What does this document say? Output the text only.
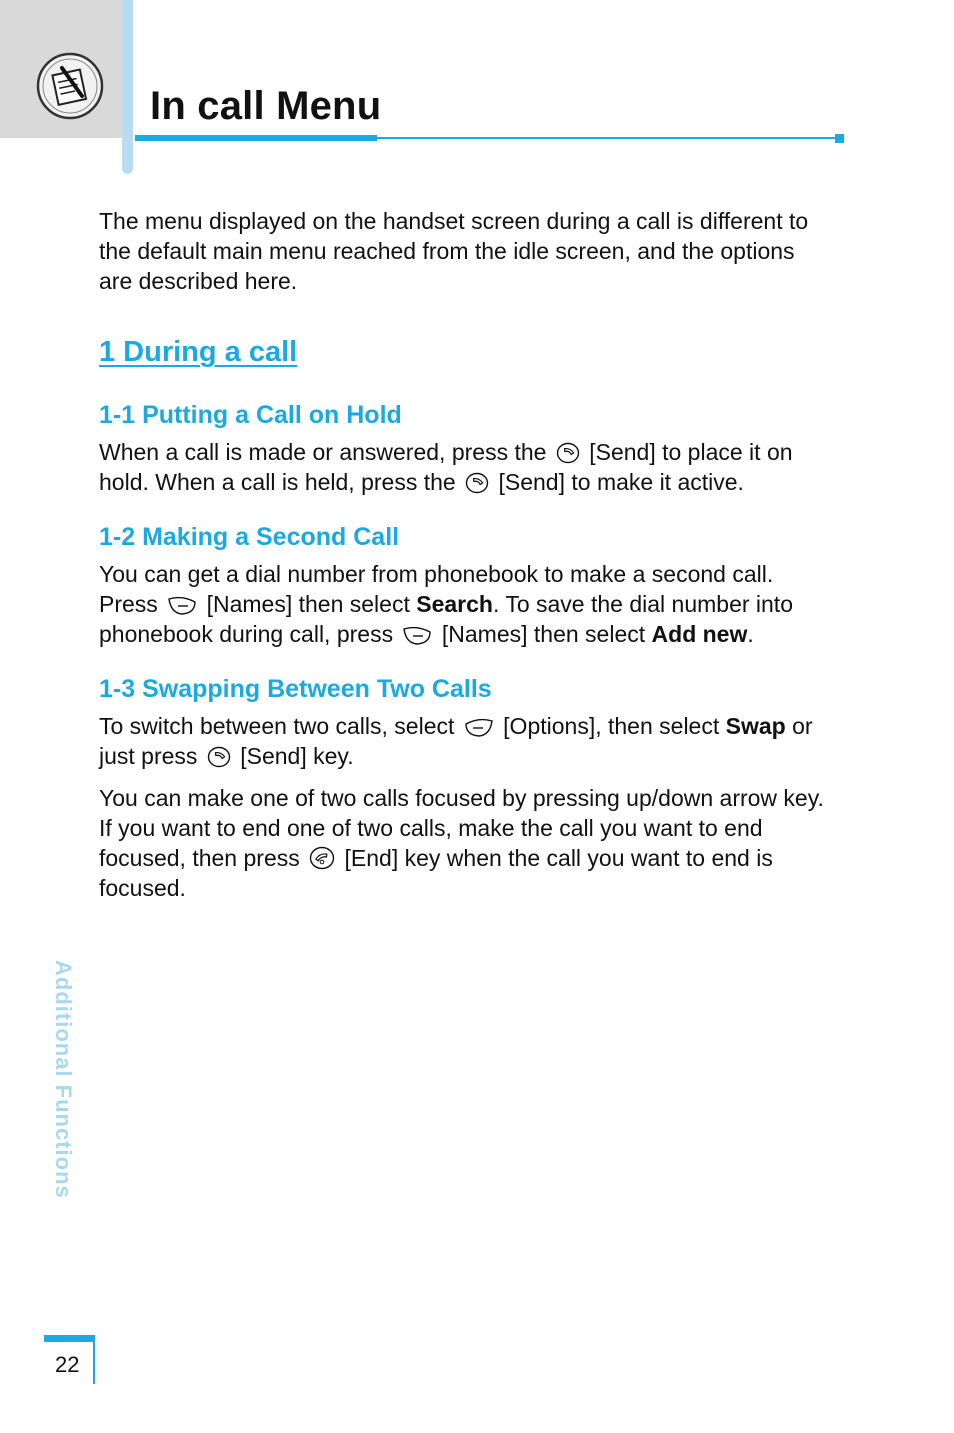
In call Menu

The menu displayed on the handset screen during a call is different to the default main menu reached from the idle screen, and the options are described here.

1 During a call
1-1 Putting a Call on Hold

When a call is made or answered, press the [Send] to place it on hold. When a call is held, press the [Send] to make it active.

1-2 Making a Second Call

You can get a dial number from phonebook to make a second call. Press [Names] then select Search. To save the dial number into phonebook during call, press [Names] then select Add new.

1-3 Swapping Between Two Calls

To switch between two calls, select [Options], then select Swap or just press [Send] key.

You can make one of two calls focused by pressing up/down arrow key. If you want to end one of two calls, make the call you want to end focused, then press [End] key when the call you want to end is focused.

Additional Functions
22
